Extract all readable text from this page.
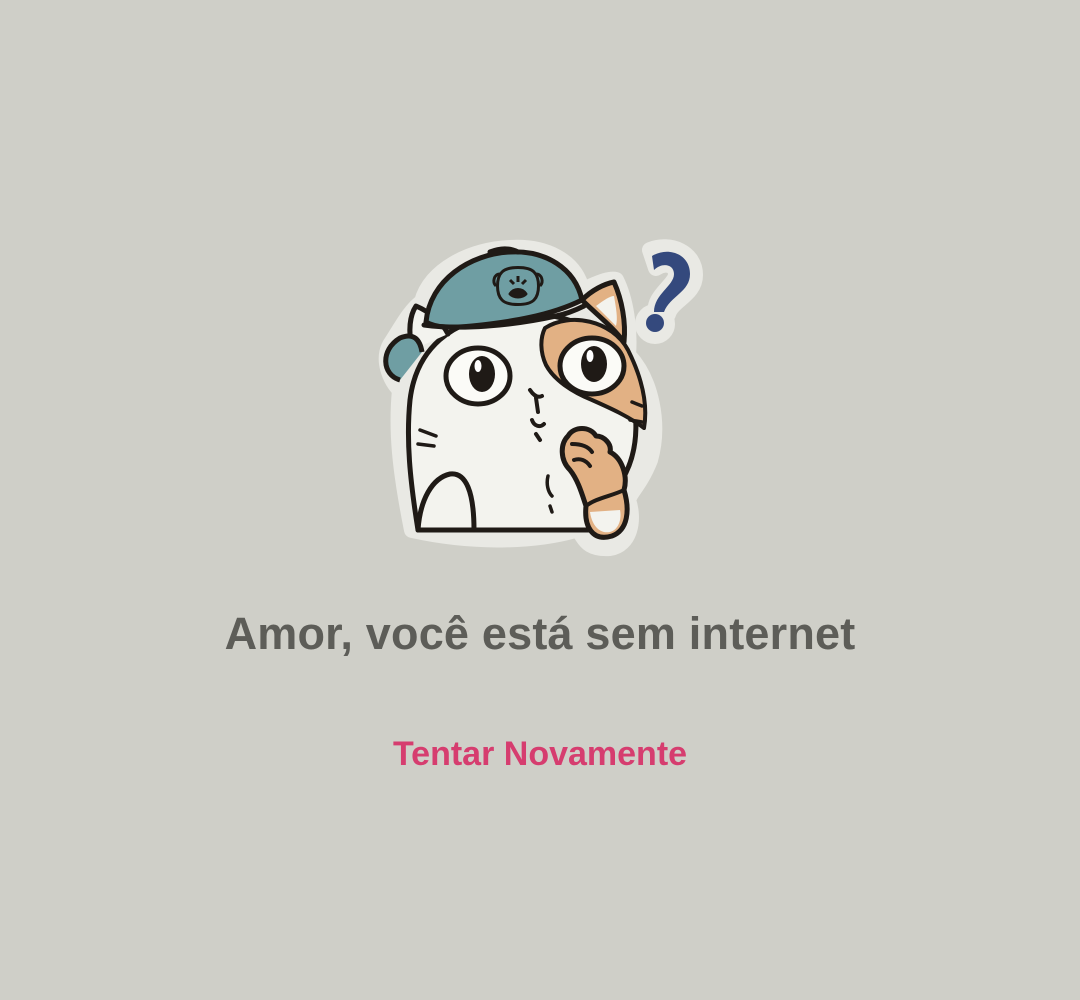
Amor, você está sem internet
Tentar Novamente
